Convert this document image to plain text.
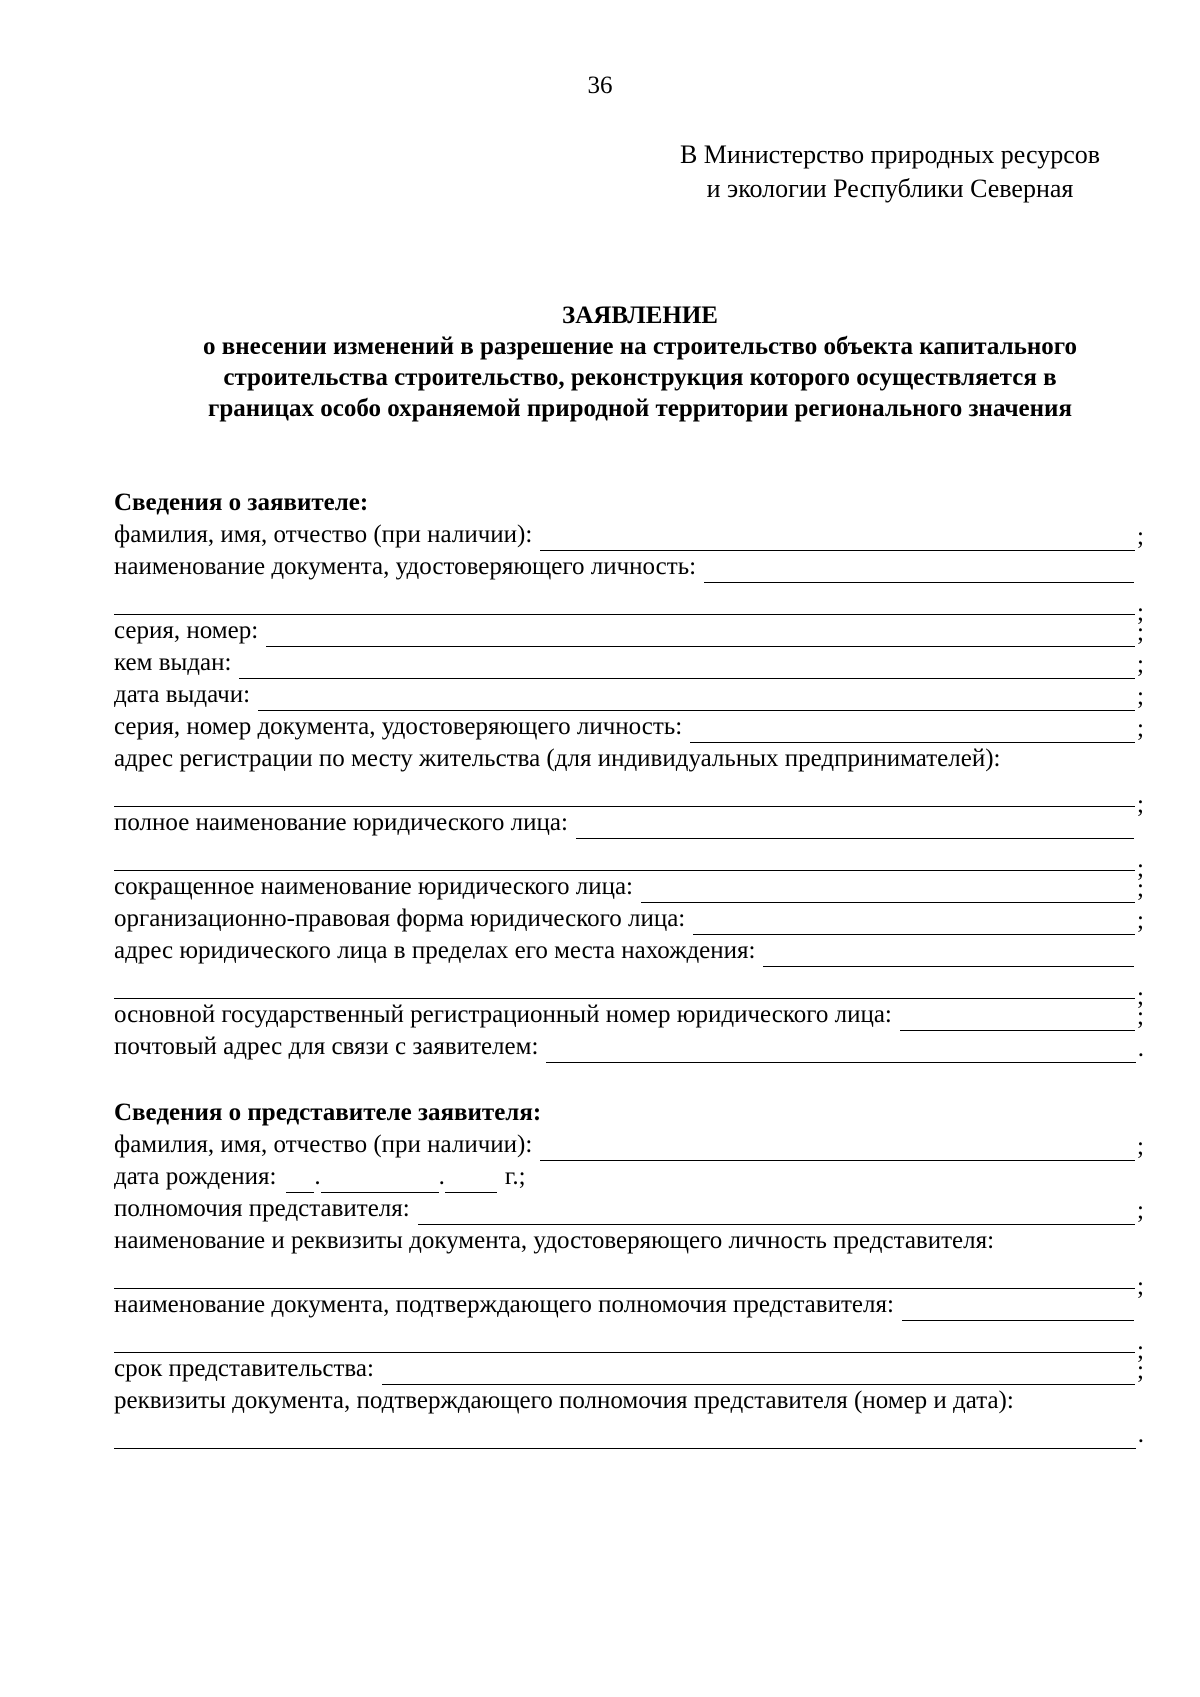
36
В Министерство природных ресурсов
и экологии Республики Северная
ЗАЯВЛЕНИЕ
о внесении изменений в разрешение на строительство объекта капитального
строительства строительство, реконструкция которого осуществляется в
границах особо охраняемой природной территории регионального значения
Сведения о заявителе:
фамилия, имя, отчество (при наличии):	;
наименование документа, удостоверяющего личность:
;
серия, номер:	;
кем выдан:	;
дата выдачи:	;
серия, номер документа, удостоверяющего личность:	;
адрес регистрации по месту жительства (для индивидуальных предпринимателей):
;
полное наименование юридического лица:
;
сокращенное наименование юридического лица:	;
организационно-правовая форма юридического лица:	;
адрес юридического лица в пределах его места нахождения:
;
основной государственный регистрационный номер юридического лица:	;
почтовый адрес для связи с заявителем:	.
Сведения о представителе заявителя:
фамилия, имя, отчество (при наличии):	;
дата рождения: .	. г.;
полномочия представителя:	;
наименование и реквизиты документа, удостоверяющего личность представителя:
;
наименование документа, подтверждающего полномочия представителя:
;
срок представительства:	;
реквизиты документа, подтверждающего полномочия представителя (номер и дата):
.
